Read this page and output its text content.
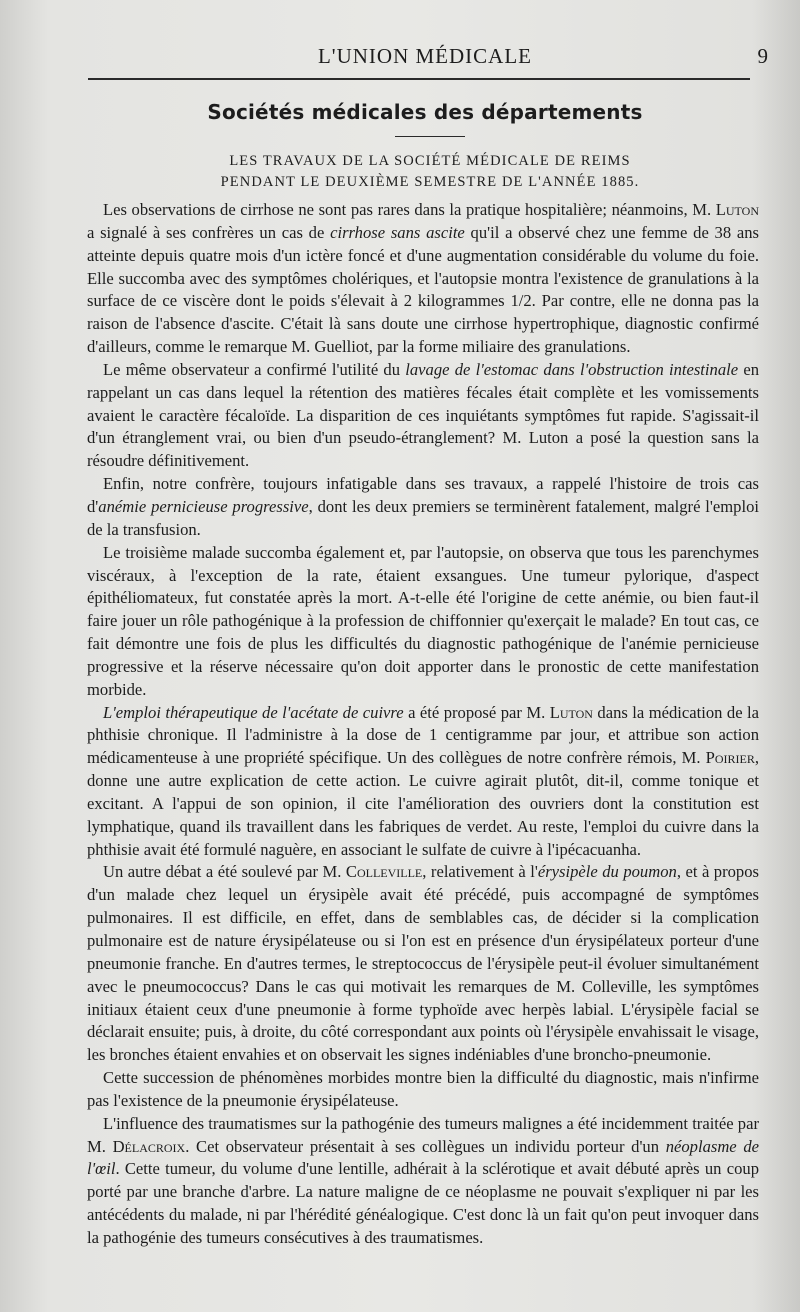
L'UNION MÉDICALE	9
Sociétés médicales des départements
LES TRAVAUX DE LA SOCIÉTÉ MÉDICALE DE REIMS
PENDANT LE DEUXIÈME SEMESTRE DE L'ANNÉE 1885.

Les observations de cirrhose ne sont pas rares dans la pratique hospitalière; néanmoins, M. Luton a signalé à ses confrères un cas de cirrhose sans ascite qu'il a observé chez une femme de 38 ans atteinte depuis quatre mois d'un ictère foncé et d'une augmentation considérable du volume du foie. Elle succomba avec des symptômes cholériques, et l'autopsie montra l'existence de granulations à la surface de ce viscère dont le poids s'élevait à 2 kilogrammes 1/2. Par contre, elle ne donna pas la raison de l'absence d'ascite. C'était là sans doute une cirrhose hypertrophique, diagnostic confirmé d'ailleurs, comme le remarque M. Guelliot, par la forme miliaire des granulations.

Le même observateur a confirmé l'utilité du lavage de l'estomac dans l'obstruction intestinale en rappelant un cas dans lequel la rétention des matières fécales était complète et les vomissements avaient le caractère fécaloïde. La disparition de ces inquiétants symptômes fut rapide. S'agissait-il d'un étranglement vrai, ou bien d'un pseudo-étranglement? M. Luton a posé la question sans la résoudre définitivement.

Enfin, notre confrère, toujours infatigable dans ses travaux, a rappelé l'histoire de trois cas d'anémie pernicieuse progressive, dont les deux premiers se terminèrent fatalement, malgré l'emploi de la transfusion.

Le troisième malade succomba également et, par l'autopsie, on observa que tous les parenchymes viscéraux, à l'exception de la rate, étaient exsangues. Une tumeur pylorique, d'aspect épithéliomateux, fut constatée après la mort. A-t-elle été l'origine de cette anémie, ou bien faut-il faire jouer un rôle pathogénique à la profession de chiffonnier qu'exerçait le malade? En tout cas, ce fait démontre une fois de plus les difficultés du diagnostic pathogénique de l'anémie pernicieuse progressive et la réserve nécessaire qu'on doit apporter dans le pronostic de cette manifestation morbide.

L'emploi thérapeutique de l'acétate de cuivre a été proposé par M. Luton dans la médication de la phthisie chronique. Il l'administre à la dose de 1 centigramme par jour, et attribue son action médicamenteuse à une propriété spécifique. Un des collègues de notre confrère rémois, M. Poirier, donne une autre explication de cette action. Le cuivre agirait plutôt, dit-il, comme tonique et excitant. A l'appui de son opinion, il cite l'amélioration des ouvriers dont la constitution est lymphatique, quand ils travaillent dans les fabriques de verdet. Au reste, l'emploi du cuivre dans la phthisie avait été formulé naguère, en associant le sulfate de cuivre à l'ipécacuanha.

Un autre débat a été soulevé par M. Colleville, relativement à l'érysipèle du poumon, et à propos d'un malade chez lequel un érysipèle avait été précédé, puis accompagné de symptômes pulmonaires. Il est difficile, en effet, dans de semblables cas, de décider si la complication pulmonaire est de nature érysipélateuse ou si l'on est en présence d'un érysipélateux porteur d'une pneumonie franche. En d'autres termes, le streptococcus de l'érysipèle peut-il évoluer simultanément avec le pneumococcus? Dans le cas qui motivait les remarques de M. Colleville, les symptômes initiaux étaient ceux d'une pneumonie à forme typhoïde avec herpès labial. L'érysipèle facial se déclarait ensuite; puis, à droite, du côté correspondant aux points où l'érysipèle envahissait le visage, les bronches étaient envahies et on observait les signes indéniables d'une broncho-pneumonie.

Cette succession de phénomènes morbides montre bien la difficulté du diagnostic, mais n'infirme pas l'existence de la pneumonie érysipélateuse.

L'influence des traumatismes sur la pathogénie des tumeurs malignes a été incidemment traitée par M. Délacroix. Cet observateur présentait à ses collègues un individu porteur d'un néoplasme de l'œil. Cette tumeur, du volume d'une lentille, adhérait à la sclérotique et avait débuté après un coup porté par une branche d'arbre. La nature maligne de ce néoplasme ne pouvait s'expliquer ni par les antécédents du malade, ni par l'hérédité généalogique. C'est donc là un fait qu'on peut invoquer dans la pathogénie des tumeurs consécutives à des traumatismes.
